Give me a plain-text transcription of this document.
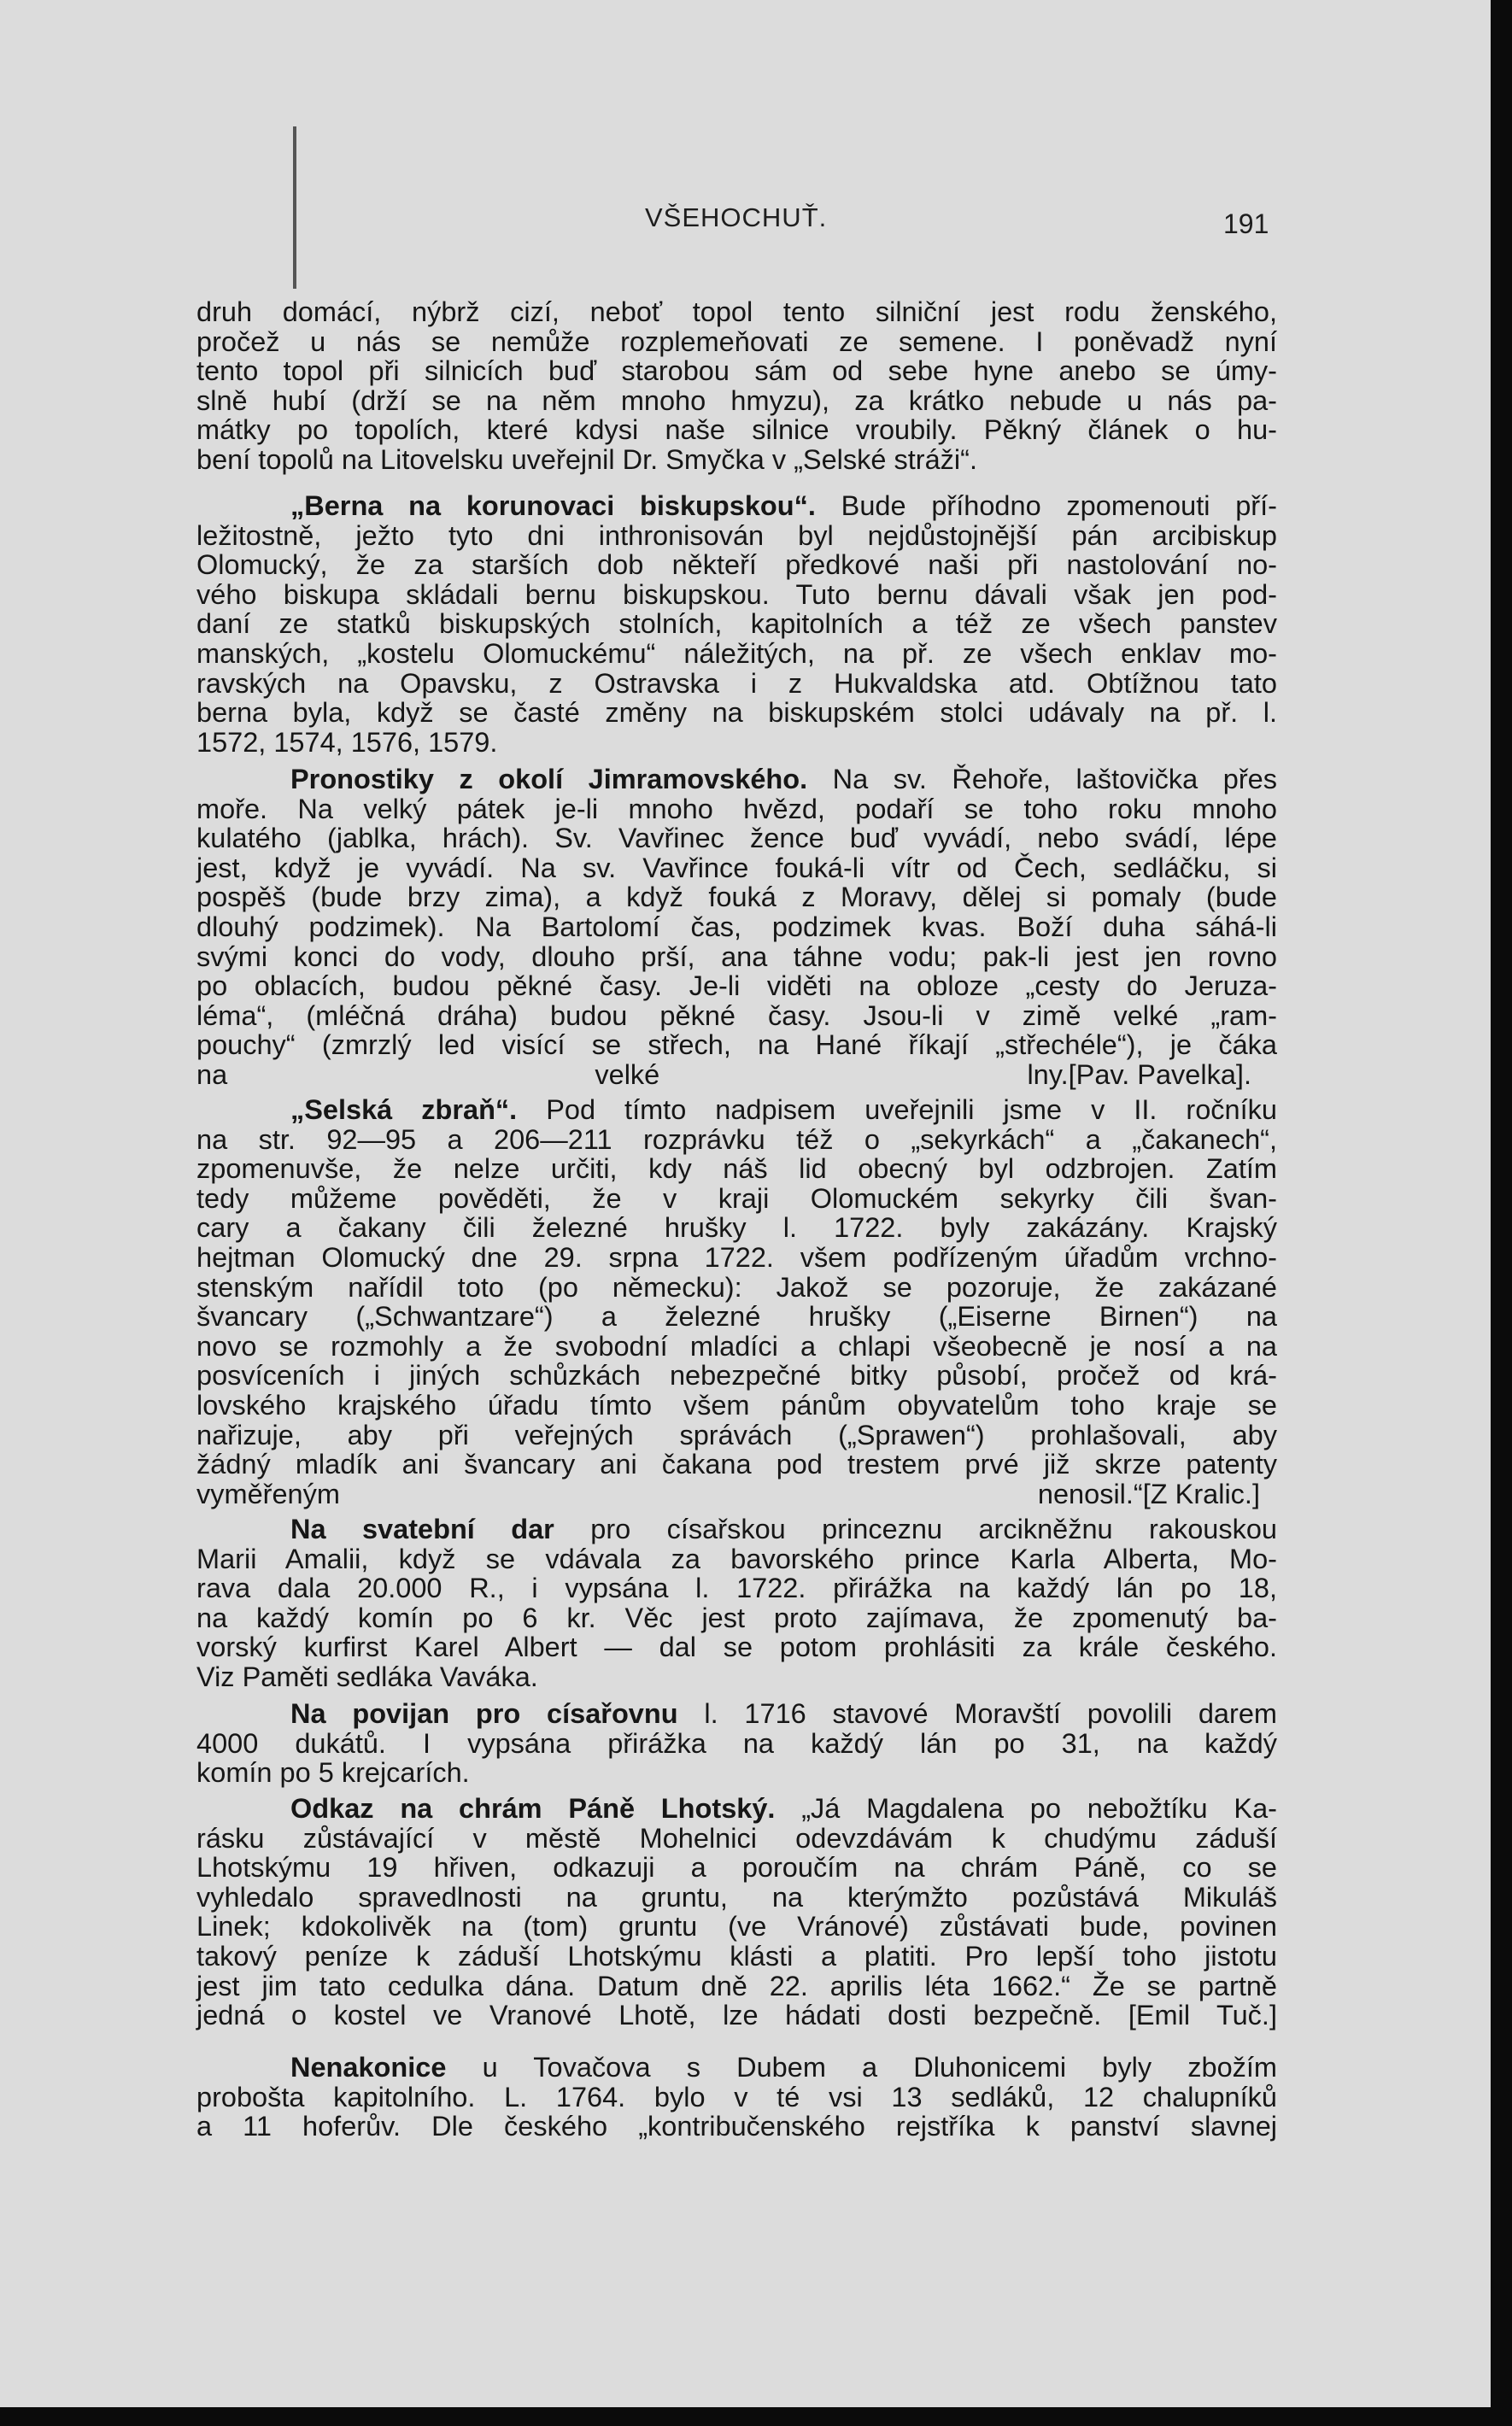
VŠEHOCHUŤ.	191
druh domácí, nýbrž cizí, neboť topol tento silniční jest rodu ženského,
pročež u nás se nemůže rozplemeňovati ze semene. I poněvadž nyní
tento topol při silnicích buď starobou sám od sebe hyne anebo se úmy-
slně hubí (drží se na něm mnoho hmyzu), za krátko nebude u nás pa-
mátky po topolích, které kdysi naše silnice vroubily. Pěkný článek o hu-
bení topolů na Litovelsku uveřejnil Dr. Smyčka v „Selské stráži“.
„Berna na korunovaci biskupskou“. Bude příhodno zpomenouti pří-
ležitostně, ježto tyto dni inthronisován byl nejdůstojnější pán arcibiskup
Olomucký, že za starších dob někteří předkové naši při nastolování no-
vého biskupa skládali bernu biskupskou. Tuto bernu dávali však jen pod-
daní ze statků biskupských stolních, kapitolních a též ze všech panstev
manských, „kostelu Olomuckému“ náležitých, na př. ze všech enklav mo-
ravských na Opavsku, z Ostravska i z Hukvaldska atd. Obtížnou tato
berna byla, když se časté změny na biskupském stolci udávaly na př. l.
1572, 1574, 1576, 1579.
Pronostiky z okolí Jimramovského. Na sv. Řehoře, laštovička přes
moře. Na velký pátek je-li mnoho hvězd, podaří se toho roku mnoho
kulatého (jablka, hrách). Sv. Vavřinec žence buď vyvádí, nebo svádí, lépe
jest, když je vyvádí. Na sv. Vavřince fouká-li vítr od Čech, sedláčku, si
pospěš (bude brzy zima), a když fouká z Moravy, dělej si pomaly (bude
dlouhý podzimek). Na Bartolomí čas, podzimek kvas. Boží duha sáhá-li
svými konci do vody, dlouho prší, ana táhne vodu; pak-li jest jen rovno
po oblacích, budou pěkné časy. Je-li viděti na obloze „cesty do Jeruza-
léma“, (mléčná dráha) budou pěkné časy. Jsou-li v zimě velké „ram-
pouchy“ (zmrzlý led visící se střech, na Hané říkají „střechéle“), je čáka
na velké lny. [Pav. Pavelka].
„Selská zbraň“. Pod tímto nadpisem uveřejnili jsme v II. ročníku
na str. 92—95 a 206—211 rozprávku též o „sekyrkách“ a „čakanech“,
zpomenuvše, že nelze určiti, kdy náš lid obecný byl odzbrojen. Zatím
tedy můžeme pověděti, že v kraji Olomuckém sekyrky čili švan-
cary a čakany čili železné hrušky l. 1722. byly zakázány. Krajský
hejtman Olomucký dne 29. srpna 1722. všem podřízeným úřadům vrchno-
stenským nařídil toto (po německu): Jakož se pozoruje, že zakázané
švancary („Schwantzare“) a železné hrušky („Eiserne Birnen“) na
novo se rozmohly a že svobodní mladíci a chlapi všeobecně je nosí a na
posvíceních i jiných schůzkách nebezpečné bitky působí, pročež od krá-
lovského krajského úřadu tímto všem pánům obyvatelům toho kraje se
nařizuje, aby při veřejných správách („Sprawen“) prohlašovali, aby
žádný mladík ani švancary ani čakana pod trestem prvé již skrze patenty
vyměřeným nenosil.“ [Z Kralic.]
Na svatební dar pro císařskou princeznu arcikněžnu rakouskou
Marii Amalii, když se vdávala za bavorského prince Karla Alberta, Mo-
rava dala 20.000 R., i vypsána l. 1722. přirážka na každý lán po 18,
na každý komín po 6 kr. Věc jest proto zajímava, že zpomenutý ba-
vorský kurfirst Karel Albert — dal se potom prohlásiti za krále českého.
Viz Paměti sedláka Vaváka.
Na povijan pro císařovnu l. 1716 stavové Moravští povolili darem
4000 dukátů. I vypsána přirážka na každý lán po 31, na každý
komín po 5 krejcarích.
Odkaz na chrám Páně Lhotský. „Já Magdalena po nebožtíku Ka-
rásku zůstávající v městě Mohelnici odevzdávám k chudýmu záduší
Lhotskýmu 19 hřiven, odkazuji a poroučím na chrám Páně, co se
vyhledalo spravedlnosti na gruntu, na kterýmžto pozůstává Mikuláš
Linek; kdokolivěk na (tom) gruntu (ve Vránové) zůstávati bude, povinen
takový peníze k záduší Lhotskýmu klásti a platiti. Pro lepší toho jistotu
jest jim tato cedulka dána. Datum dně 22. aprilis léta 1662.“ Že se partně
jedná o kostel ve Vranové Lhotě, lze hádati dosti bezpečně. [Emil Tuč.]
Nenakonice u Tovačova s Dubem a Dluhonicemi byly zbožím
proboštа kapitolního. L. 1764. bylo v té vsi 13 sedláků, 12 chalupníků
a 11 hoferův. Dle českého „kontribučenského rejstříka k panství slavnej
